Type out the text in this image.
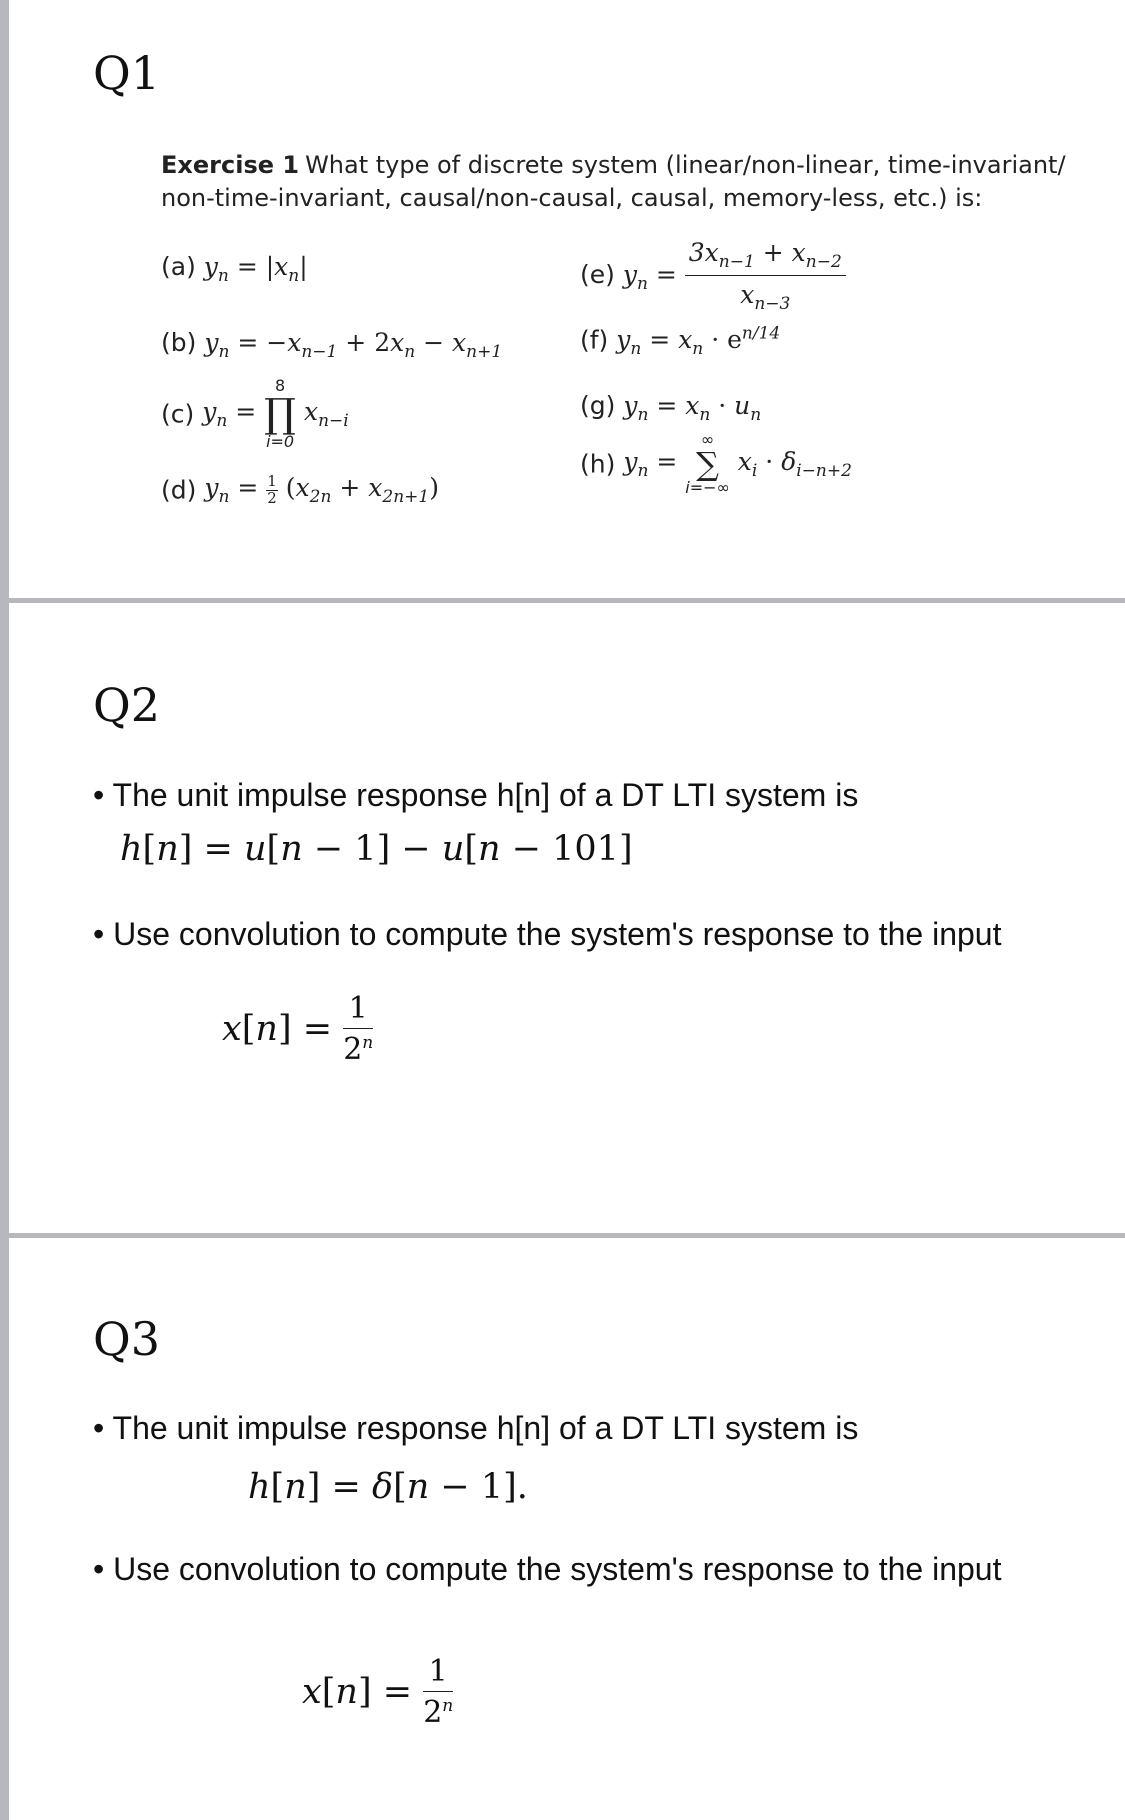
Q1
Exercise 1 What type of discrete system (linear/non-linear, time-invariant/
non-time-invariant, causal/non-causal, causal, memory-less, etc.) is:
(a) $y_n = |x_n|$	(e) $y_n = \frac{3x_{n-1} + x_{n-2}}{x_{n-3}}$
(b) $y_n = -x_{n-1} + 2x_n - x_{n+1}$	(f) $y_n = x_n \cdot e^{n/14}$
(c) $y_n$ =
8
∏
i=0
$x_{n-i}$
(g) $y_n = x_n \cdot u_n$
(h) $y_n$ =
∞
∑
i=−∞
$x_i \cdot \delta_{i-n+2}$
(d) $y_n = \frac{1}{2} (x_{2n} + x_{2n+1})$
Q2
• The unit impulse response h[n] of a DT LTI system is
h[n] = u[n − 1] − u[n − 101]
• Use convolution to compute the system's response to the input
$x[n] = \frac{1}{2^n}$
Q3
• The unit impulse response h[n] of a DT LTI system is
h[n] = δ[n − 1].
• Use convolution to compute the system's response to the input
$x[n] = \frac{1}{2^n}$
